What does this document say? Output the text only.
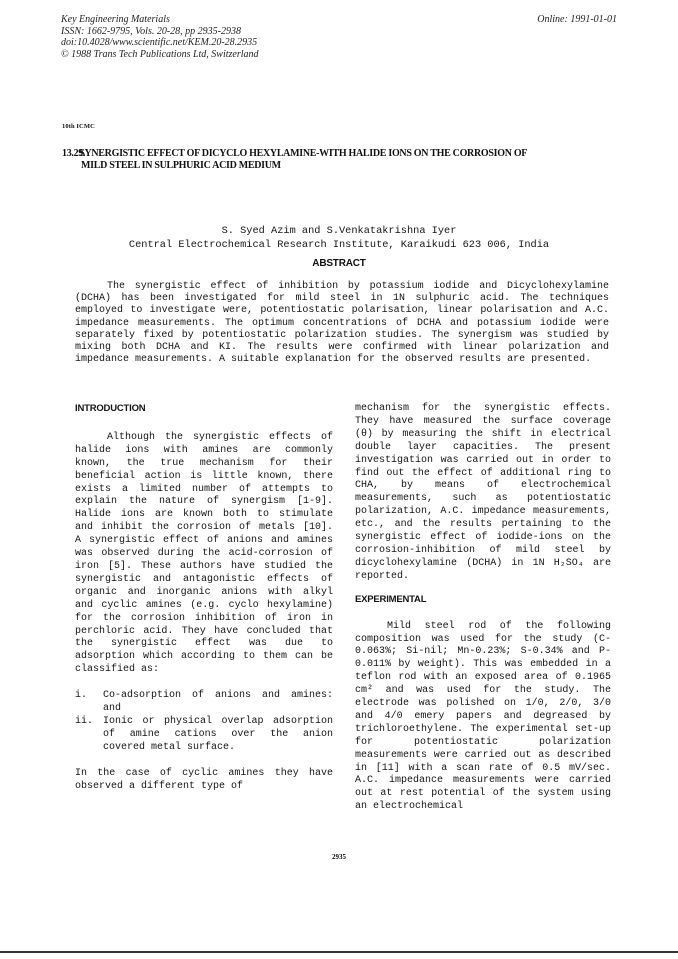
Key Engineering Materials
ISSN: 1662-9795, Vols. 20-28, pp 2935-2938
doi:10.4028/www.scientific.net/KEM.20-28.2935
© 1988 Trans Tech Publications Ltd, Switzerland
Online: 1991-01-01
10th ICMC
13.29. SYNERGISTIC EFFECT OF DICYCLO HEXYLAMINE-WITH HALIDE IONS ON THE CORROSION OF
MILD STEEL IN SULPHURIC ACID MEDIUM
S. Syed Azim and S.Venkatakrishna Iyer
Central Electrochemical Research Institute, Karaikudi 623 006, India
ABSTRACT

The synergistic effect of inhibition by potassium iodide and Dicyclohexylamine (DCHA) has been investigated for mild steel in 1N sulphuric acid. The techniques employed to investigate were, potentiostatic polarisation, linear polarisation and A.C. impedance measurements. The optimum concentrations of DCHA and potassium iodide were separately fixed by potentiostatic polarization studies. The synergism was studied by mixing both DCHA and KI. The results were confirmed with linear polarization and impedance measurements. A suitable explanation for the observed results are presented.

INTRODUCTION

Although the synergistic effects of halide ions with amines are commonly known, the true mechanism for their beneficial action is little known, there exists a limited number of attempts to explain the nature of synergism [1-9]. Halide ions are known both to stimulate and inhibit the corrosion of metals [10]. A synergistic effect of anions and amines was observed during the acid-corrosion of iron [5]. These authors have studied the synergistic and antagonistic effects of organic and inorganic anions with alkyl and cyclic amines (e.g. cyclo hexylamine) for the corrosion inhibition of iron in perchloric acid. They have concluded that the synergistic effect was due to adsorption which according to them can be classified as:

i.	Co-adsorption of anions and amines: and
ii. Ionic or physical overlap adsorption of amine cations over the anion covered metal surface.

In the case of cyclic amines they have observed a different type of

mechanism for the synergistic effects. They have measured the surface coverage (θ) by measuring the shift in electrical double layer capacities. The present investigation was carried out in order to find out the effect of additional ring to CHA, by means of electrochemical measurements, such as potentiostatic polarization, A.C. impedance measurements, etc., and the results pertaining to the synergistic effect of iodide-ions on the corrosion-inhibition of mild steel by dicyclohexylamine (DCHA) in 1N H₂SO₄ are reported.

EXPERIMENTAL

Mild steel rod of the following composition was used for the study (C-0.063%; Si-nil; Mn-0.23%; S-0.34% and P-0.011% by weight). This was embedded in a teflon rod with an exposed area of 0.1965 cm² and was used for the study. The electrode was polished on 1/0, 2/0, 3/0 and 4/0 emery papers and degreased by trichloroethylene. The experimental set-up for potentiostatic polarization measurements were carried out as described in [11] with a scan rate of 0.5 mV/sec. A.C. impedance measurements were carried out at rest potential of the system using an electrochemical

2935
